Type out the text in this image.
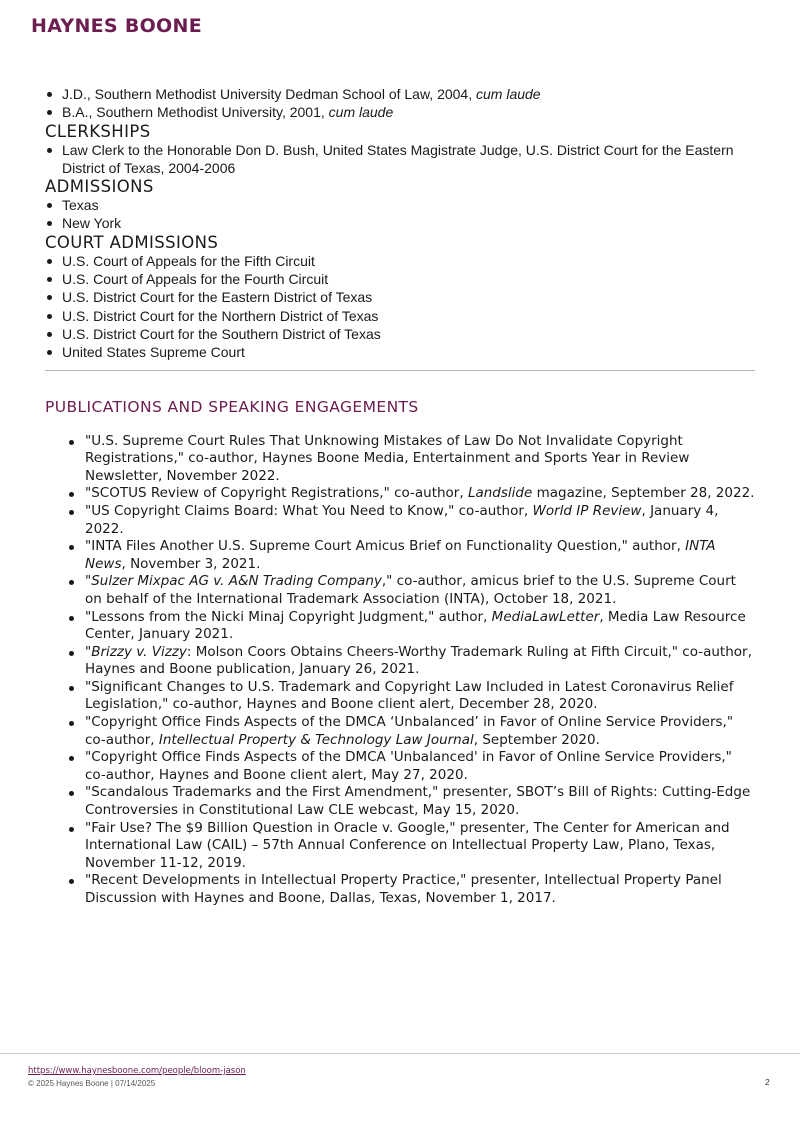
HAYNES BOONE
J.D., Southern Methodist University Dedman School of Law, 2004, cum laude
B.A., Southern Methodist University, 2001, cum laude
CLERKSHIPS
Law Clerk to the Honorable Don D. Bush, United States Magistrate Judge, U.S. District Court for the Eastern District of Texas, 2004-2006
ADMISSIONS
Texas
New York
COURT ADMISSIONS
U.S. Court of Appeals for the Fifth Circuit
U.S. Court of Appeals for the Fourth Circuit
U.S. District Court for the Eastern District of Texas
U.S. District Court for the Northern District of Texas
U.S. District Court for the Southern District of Texas
United States Supreme Court
PUBLICATIONS AND SPEAKING ENGAGEMENTS
"U.S. Supreme Court Rules That Unknowing Mistakes of Law Do Not Invalidate Copyright Registrations," co-author, Haynes Boone Media, Entertainment and Sports Year in Review Newsletter, November 2022.
"SCOTUS Review of Copyright Registrations," co-author, Landslide magazine, September 28, 2022.
"US Copyright Claims Board: What You Need to Know," co-author, World IP Review, January 4, 2022.
"INTA Files Another U.S. Supreme Court Amicus Brief on Functionality Question," author, INTA News, November 3, 2021.
"Sulzer Mixpac AG v. A&N Trading Company," co-author, amicus brief to the U.S. Supreme Court on behalf of the International Trademark Association (INTA), October 18, 2021.
"Lessons from the Nicki Minaj Copyright Judgment," author, MediaLawLetter, Media Law Resource Center, January 2021.
"Brizzy v. Vizzy: Molson Coors Obtains Cheers-Worthy Trademark Ruling at Fifth Circuit," co-author, Haynes and Boone publication, January 26, 2021.
"Significant Changes to U.S. Trademark and Copyright Law Included in Latest Coronavirus Relief Legislation," co-author, Haynes and Boone client alert, December 28, 2020.
"Copyright Office Finds Aspects of the DMCA ‘Unbalanced’ in Favor of Online Service Providers," co-author, Intellectual Property & Technology Law Journal, September 2020.
"Copyright Office Finds Aspects of the DMCA 'Unbalanced' in Favor of Online Service Providers," co-author, Haynes and Boone client alert, May 27, 2020.
"Scandalous Trademarks and the First Amendment," presenter, SBOT’s Bill of Rights: Cutting-Edge Controversies in Constitutional Law CLE webcast, May 15, 2020.
"Fair Use? The $9 Billion Question in Oracle v. Google," presenter, The Center for American and International Law (CAIL) – 57th Annual Conference on Intellectual Property Law, Plano, Texas, November 11-12, 2019.
"Recent Developments in Intellectual Property Practice," presenter, Intellectual Property Panel Discussion with Haynes and Boone, Dallas, Texas, November 1, 2017.
https://www.haynesboone.com/people/bloom-jason
© 2025 Haynes Boone | 07/14/2025	2
